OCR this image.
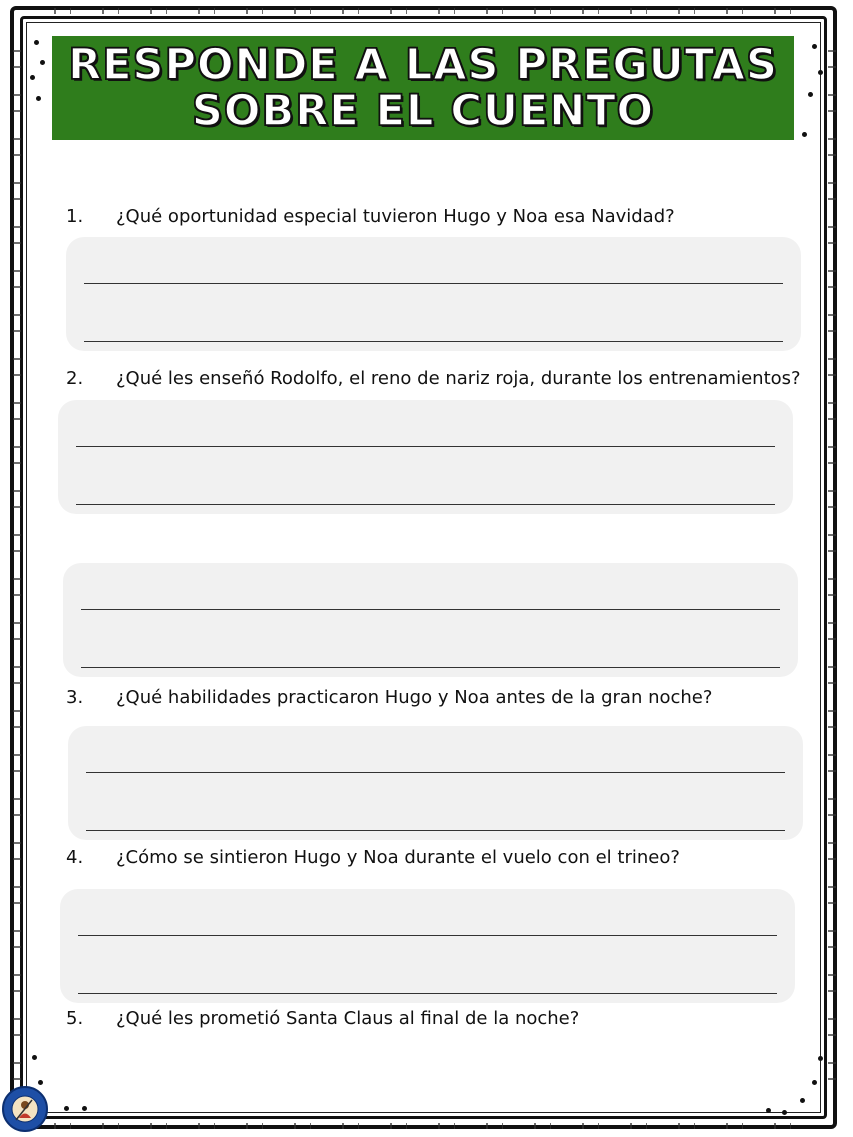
RESPONDE A LAS PREGUTAS
SOBRE EL CUENTO
1.	¿Qué oportunidad especial tuvieron Hugo y Noa esa Navidad?
2.	¿Qué les enseñó Rodolfo, el reno de nariz roja, durante los entrenamientos?
3.	¿Qué habilidades practicaron Hugo y Noa antes de la gran noche?
4.	¿Cómo se sintieron Hugo y Noa durante el vuelo con el trineo?
5.	¿Qué les prometió Santa Claus al final de la noche?
